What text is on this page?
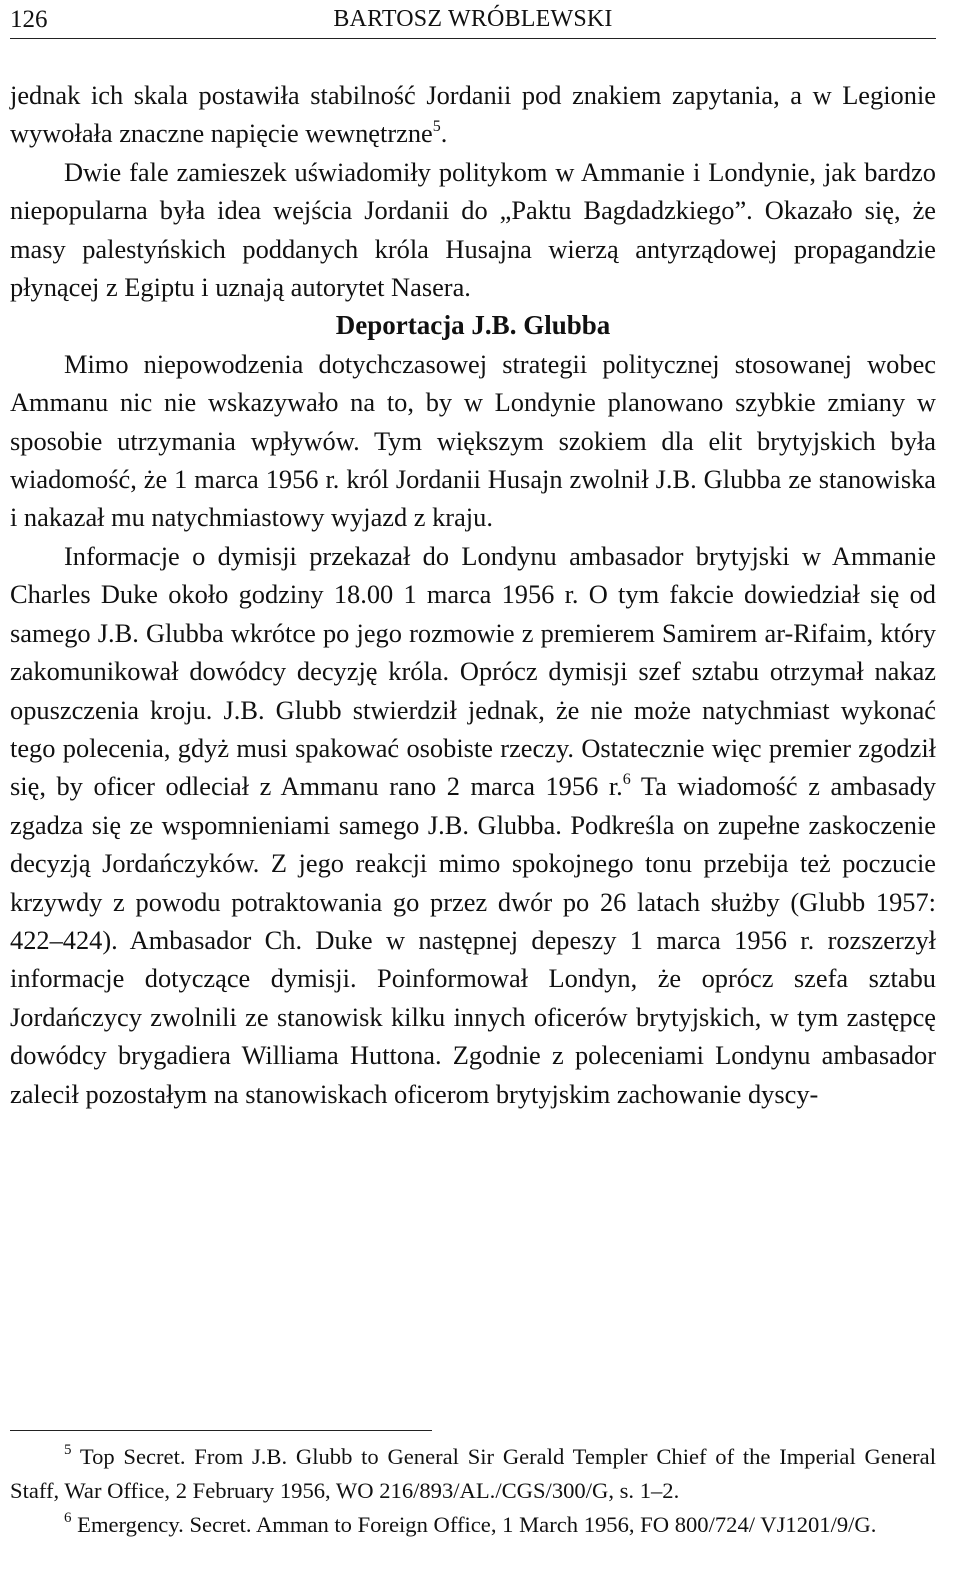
126	BARTOSZ WRÓBLEWSKI

jednak ich skala postawiła stabilność Jordanii pod znakiem zapytania, a w Legionie wywołała znaczne napięcie wewnętrzne$^5$.

Dwie fale zamieszek uświadomiły politykom w Ammanie i Londynie, jak bardzo niepopularna była idea wejścia Jordanii do „Paktu Bagdadzkiego”. Okazało się, że masy palestyńskich poddanych króla Husajna wierzą antyrządowej propagandzie płynącej z Egiptu i uznają autorytet Nasera.

Deportacja J.B. Glubba

Mimo niepowodzenia dotychczasowej strategii politycznej stosowanej wobec Ammanu nic nie wskazywało na to, by w Londynie planowano szybkie zmiany w sposobie utrzymania wpływów. Tym większym szokiem dla elit brytyjskich była wiadomość, że 1 marca 1956 r. król Jordanii Husajn zwolnił J.B. Glubba ze stanowiska i nakazał mu natychmiastowy wyjazd z kraju.

Informacje o dymisji przekazał do Londynu ambasador brytyjski w Ammanie Charles Duke około godziny 18.00 1 marca 1956 r. O tym fakcie dowiedział się od samego J.B. Glubba wkrótce po jego rozmowie z premierem Samirem ar-Rifaim, który zakomunikował dowódcy decyzję króla. Oprócz dymisji szef sztabu otrzymał nakaz opuszczenia kroju. J.B. Glubb stwierdził jednak, że nie może natychmiast wykonać tego polecenia, gdyż musi spakować osobiste rzeczy. Ostatecznie więc premier zgodził się, by oficer odleciał z Ammanu rano 2 marca 1956 r.$^6$ Ta wiadomość z ambasady zgadza się ze wspomnieniami samego J.B. Glubba. Podkreśla on zupełne zaskoczenie decyzją Jordańczyków. Z jego reakcji mimo spokojnego tonu przebija też poczucie krzywdy z powodu potraktowania go przez dwór po 26 latach służby (Glubb 1957: 422–424). Ambasador Ch. Duke w następnej depeszy 1 marca 1956 r. rozszerzył informacje dotyczące dymisji. Poinformował Londyn, że oprócz szefa sztabu Jordańczycy zwolnili ze stanowisk kilku innych oficerów brytyjskich, w tym zastępcę dowódcy brygadiera Williama Huttona. Zgodnie z poleceniami Londynu ambasador zalecił pozostałym na stanowiskach oficerom brytyjskim zachowanie dyscy-

$^5$ Top Secret. From J.B. Glubb to General Sir Gerald Templer Chief of the Imperial General Staff, War Office, 2 February 1956, WO 216/893/AL./CGS/300/G, s. 1–2.

$^6$ Emergency. Secret. Amman to Foreign Office, 1 March 1956, FO 800/724/ VJ1201/9/G.
